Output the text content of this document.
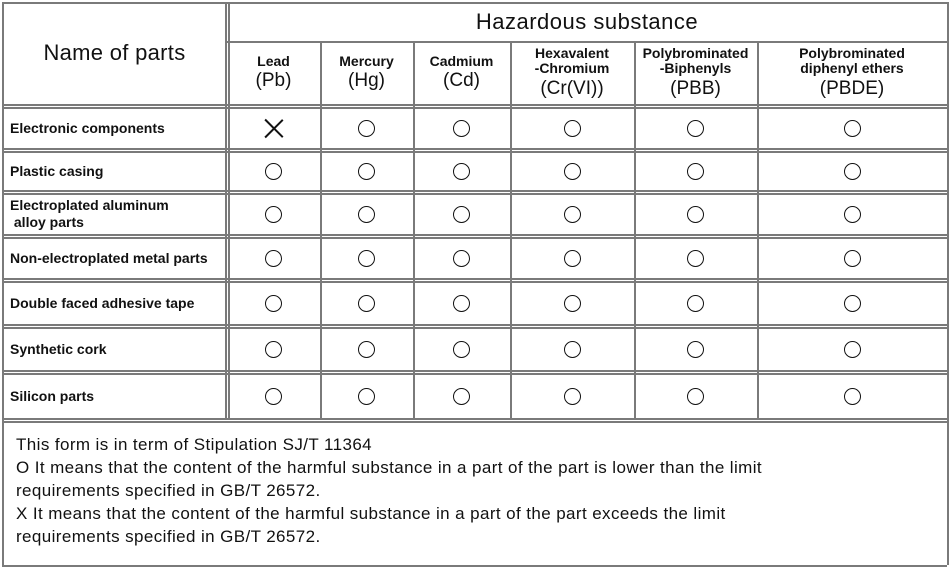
Name of parts
Hazardous substance
Lead
(Pb)
Mercury
(Hg)
Cadmium
(Cd)
Hexavalent
-Chromium
(Cr(VI))
Polybrominated
-Biphenyls
(PBB)
Polybrominated
diphenyl ethers
(PBDE)
Electronic components
Plastic casing
Electroplated aluminum
alloy parts
Non-electroplated metal parts
Double faced adhesive tape
Synthetic cork
Silicon parts
This form is in term of Stipulation SJ/T 11364
O It means that the content of the harmful substance in a part of the part is lower than the limit
requirements specified in GB/T 26572.
X It means that the content of the harmful substance in a part of the part exceeds the limit
requirements specified in GB/T 26572.
